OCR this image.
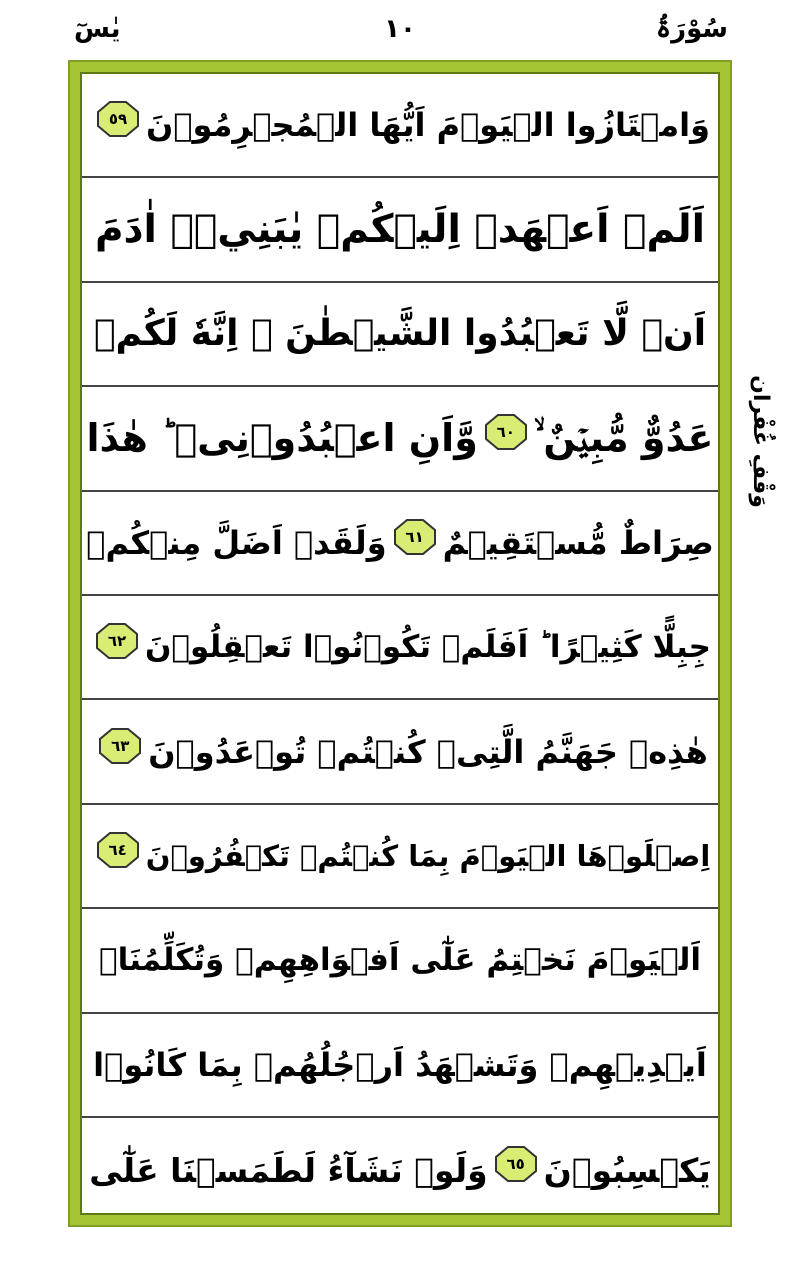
یٰسٓ	١٠	سُوْرَۃُ
وَامۡتَازُوا الۡيَوۡمَ اَيُّهَا الۡمُجۡرِمُوۡنَ
٥٩
اَلَمۡ اَعۡهَدۡ اِلَيۡكُمۡ يٰبَنِيۡۤ اٰدَمَ
اَنۡ لَّا تَعۡبُدُوا الشَّيۡطٰنَ ۚ اِنَّهٗ لَكُمۡ
عَدُوٌّ مُّبِيۡنٌ ۙ
٦٠
وَّاَنِ اعۡبُدُوۡنِىۡ ؕ هٰذَا
صِرَاطٌ مُّسۡتَقِيۡمٌ
٦١
وَلَقَدۡ اَضَلَّ مِنۡكُمۡ
جِبِلًّا كَثِيۡرًا ؕ اَفَلَمۡ تَكُوۡنُوۡا تَعۡقِلُوۡنَ
٦٢
هٰذِهٖ جَهَنَّمُ الَّتِىۡ كُنۡتُمۡ تُوۡعَدُوۡنَ
٦٣
اِصۡلَوۡهَا الۡيَوۡمَ بِمَا كُنۡتُمۡ تَكۡفُرُوۡنَ
٦٤
اَلۡيَوۡمَ نَخۡتِمُ عَلٰٓى اَفۡوَاهِهِمۡ وَتُكَلِّمُنَاۤ
اَيۡدِيۡهِمۡ وَتَشۡهَدُ اَرۡجُلُهُمۡ بِمَا كَانُوۡا
يَكۡسِبُوۡنَ
٦٥
وَلَوۡ نَشَآءُ لَطَمَسۡنَا عَلٰٓى
وَقْفِ غُفْران
